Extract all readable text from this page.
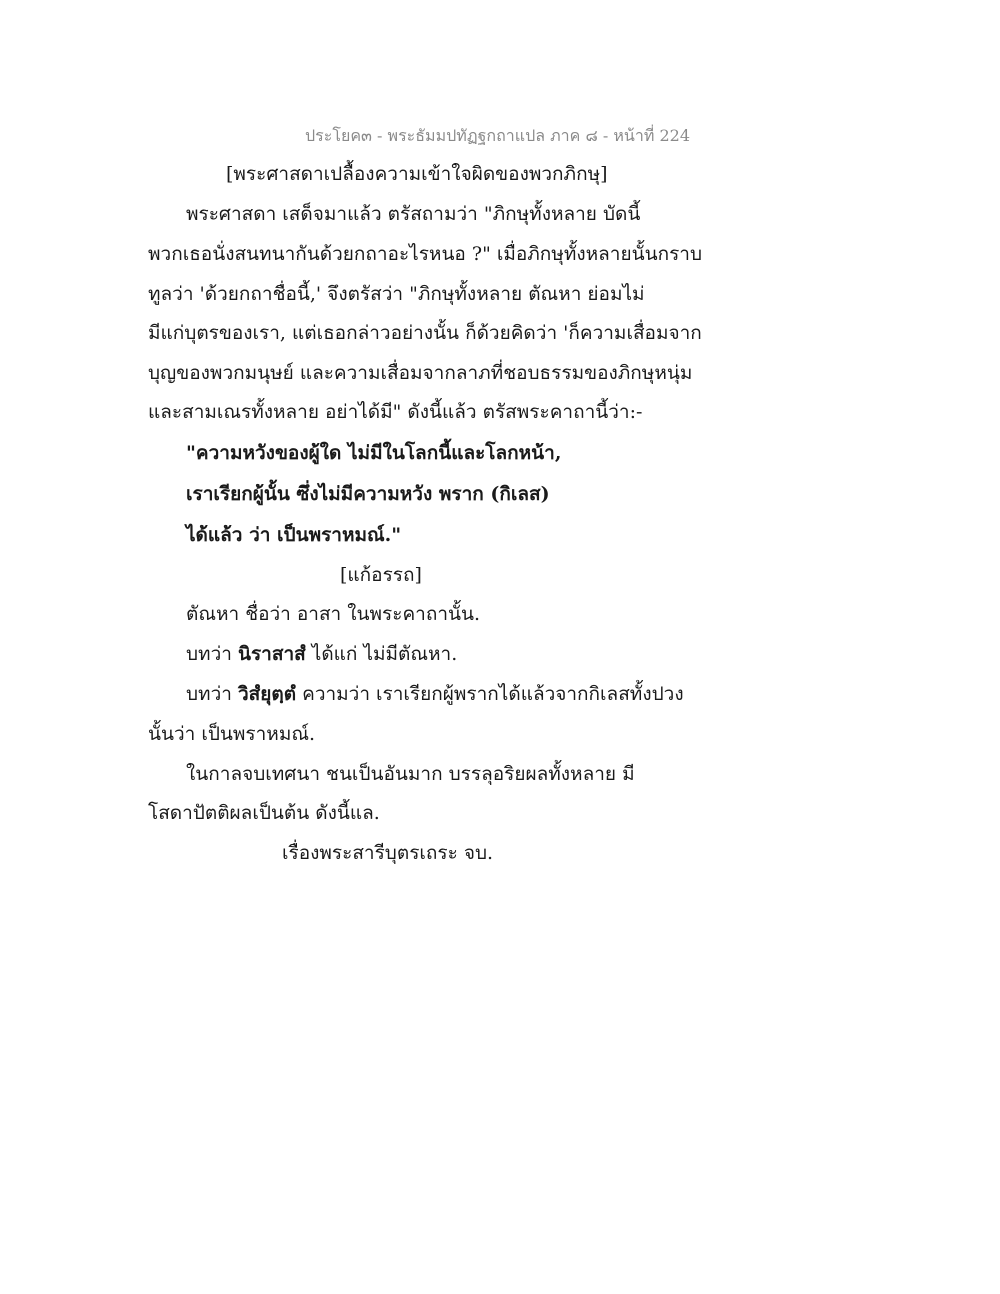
ประโยค๓ - พระธัมมปทัฏฐกถาแปล ภาค ๘ - หน้าที่ 224
[พระศาสดาเปลื้องความเข้าใจผิดของพวกภิกษุ]
พระศาสดา เสด็จมาแล้ว ตรัสถามว่า "ภิกษุทั้งหลาย บัดนี้
พวกเธอนั่งสนทนากันด้วยกถาอะไรหนอ ?" เมื่อภิกษุทั้งหลายนั้นกราบ
ทูลว่า 'ด้วยกถาชื่อนี้,' จึงตรัสว่า "ภิกษุทั้งหลาย ตัณหา ย่อมไม่
มีแก่บุตรของเรา, แต่เธอกล่าวอย่างนั้น ก็ด้วยคิดว่า 'ก็ความเสื่อมจาก
บุญของพวกมนุษย์ และความเสื่อมจากลาภที่ชอบธรรมของภิกษุหนุ่ม
และสามเณรทั้งหลาย อย่าได้มี" ดังนี้แล้ว ตรัสพระคาถานี้ว่า:-
"ความหวังของผู้ใด ไม่มีในโลกนี้และโลกหน้า,
เราเรียกผู้นั้น ซึ่งไม่มีความหวัง พราก (กิเลส)
ได้แล้ว ว่า เป็นพราหมณ์."
[แก้อรรถ]
ตัณหา ชื่อว่า อาสา ในพระคาถานั้น.
บทว่า นิราสาสํ ได้แก่ ไม่มีตัณหา.
บทว่า วิสํยุตฺตํ ความว่า เราเรียกผู้พรากได้แล้วจากกิเลสทั้งปวง
นั้นว่า เป็นพราหมณ์.
ในกาลจบเทศนา ชนเป็นอันมาก บรรลุอริยผลทั้งหลาย มี
โสดาปัตติผลเป็นต้น ดังนี้แล.
เรื่องพระสารีบุตรเถระ จบ.
